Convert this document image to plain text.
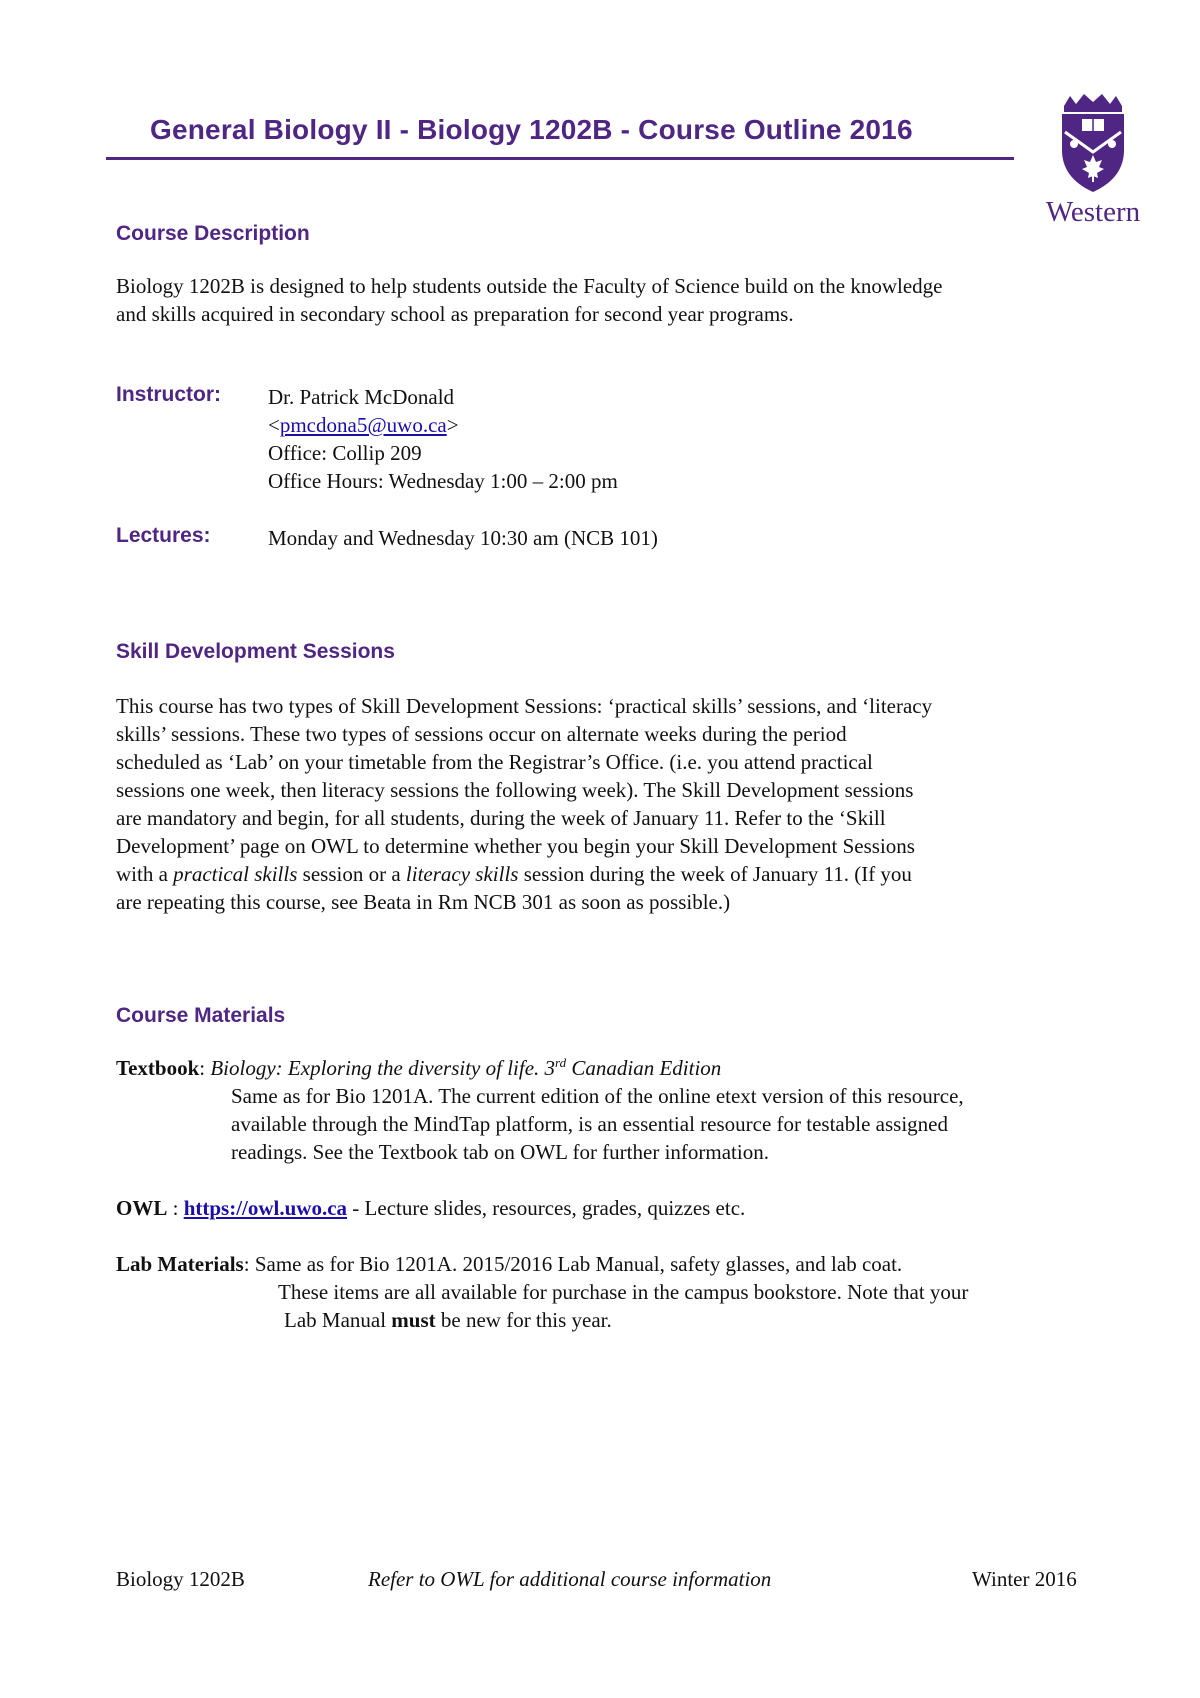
General Biology II - Biology 1202B - Course Outline 2016
Western
Course Description
Biology 1202B is designed to help students outside the Faculty of Science build on the knowledge
and skills acquired in secondary school as preparation for second year programs.
Instructor: Dr. Patrick McDonald
<pmcdona5@uwo.ca>
Office: Collip 209
Office Hours: Wednesday 1:00 – 2:00 pm
Lectures:	Monday and Wednesday 10:30 am (NCB 101)
Skill Development Sessions
This course has two types of Skill Development Sessions: ‘practical skills’ sessions, and ‘literacy
skills’ sessions. These two types of sessions occur on alternate weeks during the period
scheduled as ‘Lab’ on your timetable from the Registrar’s Office. (i.e. you attend practical
sessions one week, then literacy sessions the following week). The Skill Development sessions
are mandatory and begin, for all students, during the week of January 11. Refer to the ‘Skill
Development’ page on OWL to determine whether you begin your Skill Development Sessions
with a practical skills session or a literacy skills session during the week of January 11. (If you
are repeating this course, see Beata in Rm NCB 301 as soon as possible.)
Course Materials
Textbook: Biology: Exploring the diversity of life. 3rd Canadian Edition
Same as for Bio 1201A. The current edition of the online etext version of this resource,
available through the MindTap platform, is an essential resource for testable assigned
readings. See the Textbook tab on OWL for further information.
OWL : https://owl.uwo.ca - Lecture slides, resources, grades, quizzes etc.
Lab Materials: Same as for Bio 1201A. 2015/2016 Lab Manual, safety glasses, and lab coat.
These items are all available for purchase in the campus bookstore. Note that your
Lab Manual must be new for this year.
Biology 1202B	Refer to OWL for additional course information	Winter 2016
